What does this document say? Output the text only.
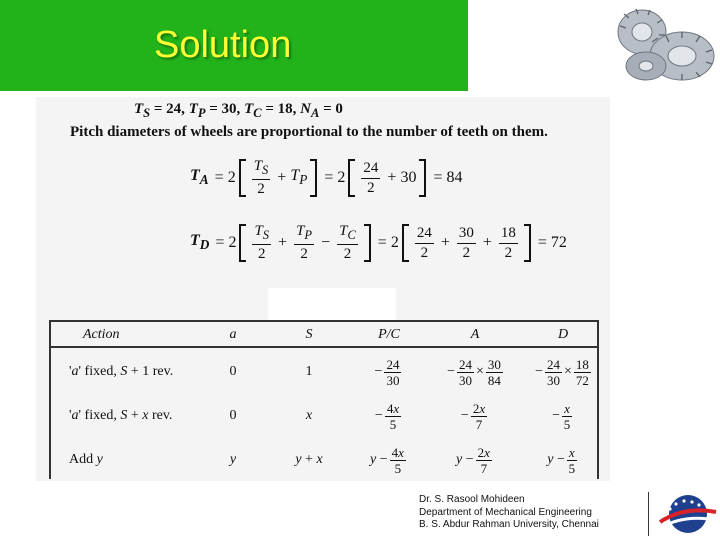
Solution
$T_S = 24$, $T_P = 30$, $T_C = 18$, $N_A = 0$
Pitch diameters of wheels are proportional to the number of teeth on them.
$T_A = 2 \frac{T_S}{2} + T_P = 2 \frac{24}{2} + 30 = 84$
$T_D = 2 \frac{T_S}{2} + \frac{T_P}{2} - \frac{T_C}{2} = 2 \frac{24}{2} + \frac{30}{2} + \frac{18}{2} = 72$
Action	a	S	P/C	A	D
' a ' fixed, S + 1 rev.	0	1	− $\frac{24}{30}$	− $\frac{24}{30} \times \frac{30}{84}$	− $\frac{24}{30} \times \frac{18}{72}$
' a ' fixed, S + x rev.	0	x	− $\frac{4x}{5}$	− $\frac{2x}{7}$	− $\frac{x}{5}$
Add y	y	y + x	$y - \frac{4x}{5}$	$y - \frac{2x}{7}$	$y - \frac{x}{5}$
Dr. S. Rasool Mohideen
Department of Mechanical Engineering
B. S. Abdur Rahman University, Chennai
